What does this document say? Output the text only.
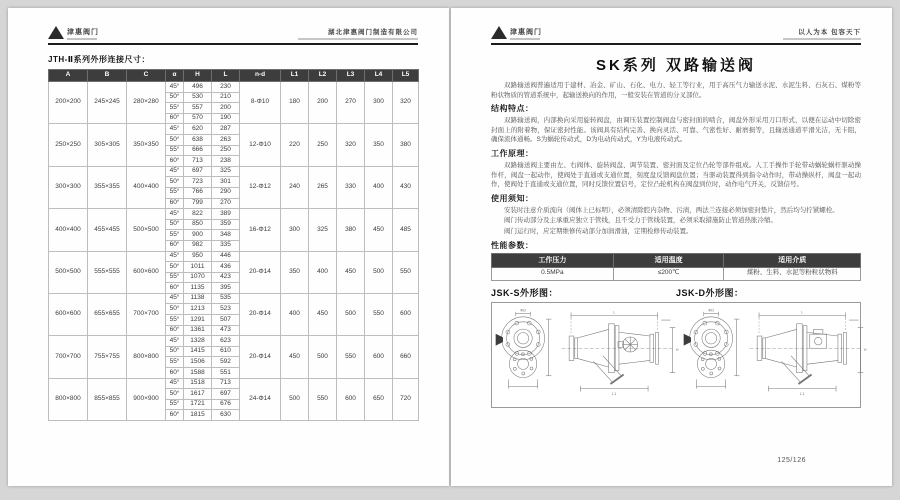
津惠阀门	湖北津惠阀门制造有限公司
JTH-Ⅱ系列外形连接尺寸：
A	B	C	α	H	L	n-d	L1	L2	L3	L4	L5
200×200	245×245	280×280	45°	496	230	8-Φ10	180	200	270	300	320
			50°	530	210						
			55°	557	200						
			60°	570	190						
250×250	305×305	350×350	45°	620	287	12-Φ10	220	250	320	350	380
			50°	638	263						
			55°	666	250						
			60°	713	238						
300×300	355×355	400×400	45°	697	325	12-Φ12	240	265	330	400	430
			50°	723	301						
			55°	766	290						
			60°	799	270						
400×400	455×455	500×500	45°	822	389	16-Φ12	300	325	380	450	485
			50°	850	359						
			55°	900	348						
			60°	982	335						
500×500	555×555	600×600	45°	950	446	20-Φ14	350	400	450	500	550
			50°	1011	436						
			55°	1070	423						
			60°	1135	395						
600×600	655×655	700×700	45°	1138	535	20-Φ14	400	450	500	550	600
			50°	1213	523						
			55°	1291	507						
			60°	1361	473						
700×700	755×755	800×800	45°	1328	623	20-Φ14	450	500	550	600	660
			50°	1415	610						
			55°	1506	592						
			60°	1588	551						
800×800	855×855	900×900	45°	1518	713	24-Φ14	500	550	600	650	720
			50°	1617	697						
			55°	1721	676						
			60°	1815	630						
津惠阀门	以人为本 包容天下
SK系列 双路输送阀

双路输送阀普遍适用于建材、冶金、矿山、石化、电力、轻工等行业，用于高压气力输送水泥、水泥生料、石灰石、煤粉等粉状物质的管道系统中，起输送换向的作用，一般安装在管道的分叉部位。

结构特点：

双路输送阀，内部换向采用旋转阀盘，由调压装置控制阀盘与密封面的啮合，阀盘外形采用刀口形式，以便在运动中切除密封面上的附着物，保证密封性能。该阀具有结构完善、换向灵活、可靠、气密性好、耐磨损等，且输送通道平滑光洁，无卡阻，确保流体通畅。S为蜗轮传动式，D为电动传动式，Y为电液传动式。

工作原理：

双路输送阀主要由左、右阀体、旋转阀盘、调节装置、密封面及定位凸轮等部件组成。人工手操作手轮带动蜗轮蜗杆驱动操作杆，阀盘一起动作，使阀处于直通或支通位置，刻度盘反馈阀盘位置；当驱动装置得到指令动作时，带动操纵杆，阀盘一起动作，使阀处于直通或支通位置，同时反馈位置信号，定位凸轮机构在阀盘到位时，动作电气开关，反馈信号。

使用须知：

安装时注意介质流向（阀体上已标明），必须清除腔内杂物、污渍，两法兰连接必须加密封垫片，然后均匀拧紧螺栓。

阀门传动部分及主承重应独立于管线，且不受力于管线装置，必须采取措施防止管道热胀冷缩。

阀门运行时，应定期维修传动部分加润滑油，定期检修传动装置。

性能参数：
工作压力	适用温度	适用介质
0.5MPa	≤200℃	煤粉、生料、水泥等粉粒状物料
JSK-S外形图：	JSK-D外形图：
ΦD
L
H
L1
ΦD
L
H
L1
125/126
